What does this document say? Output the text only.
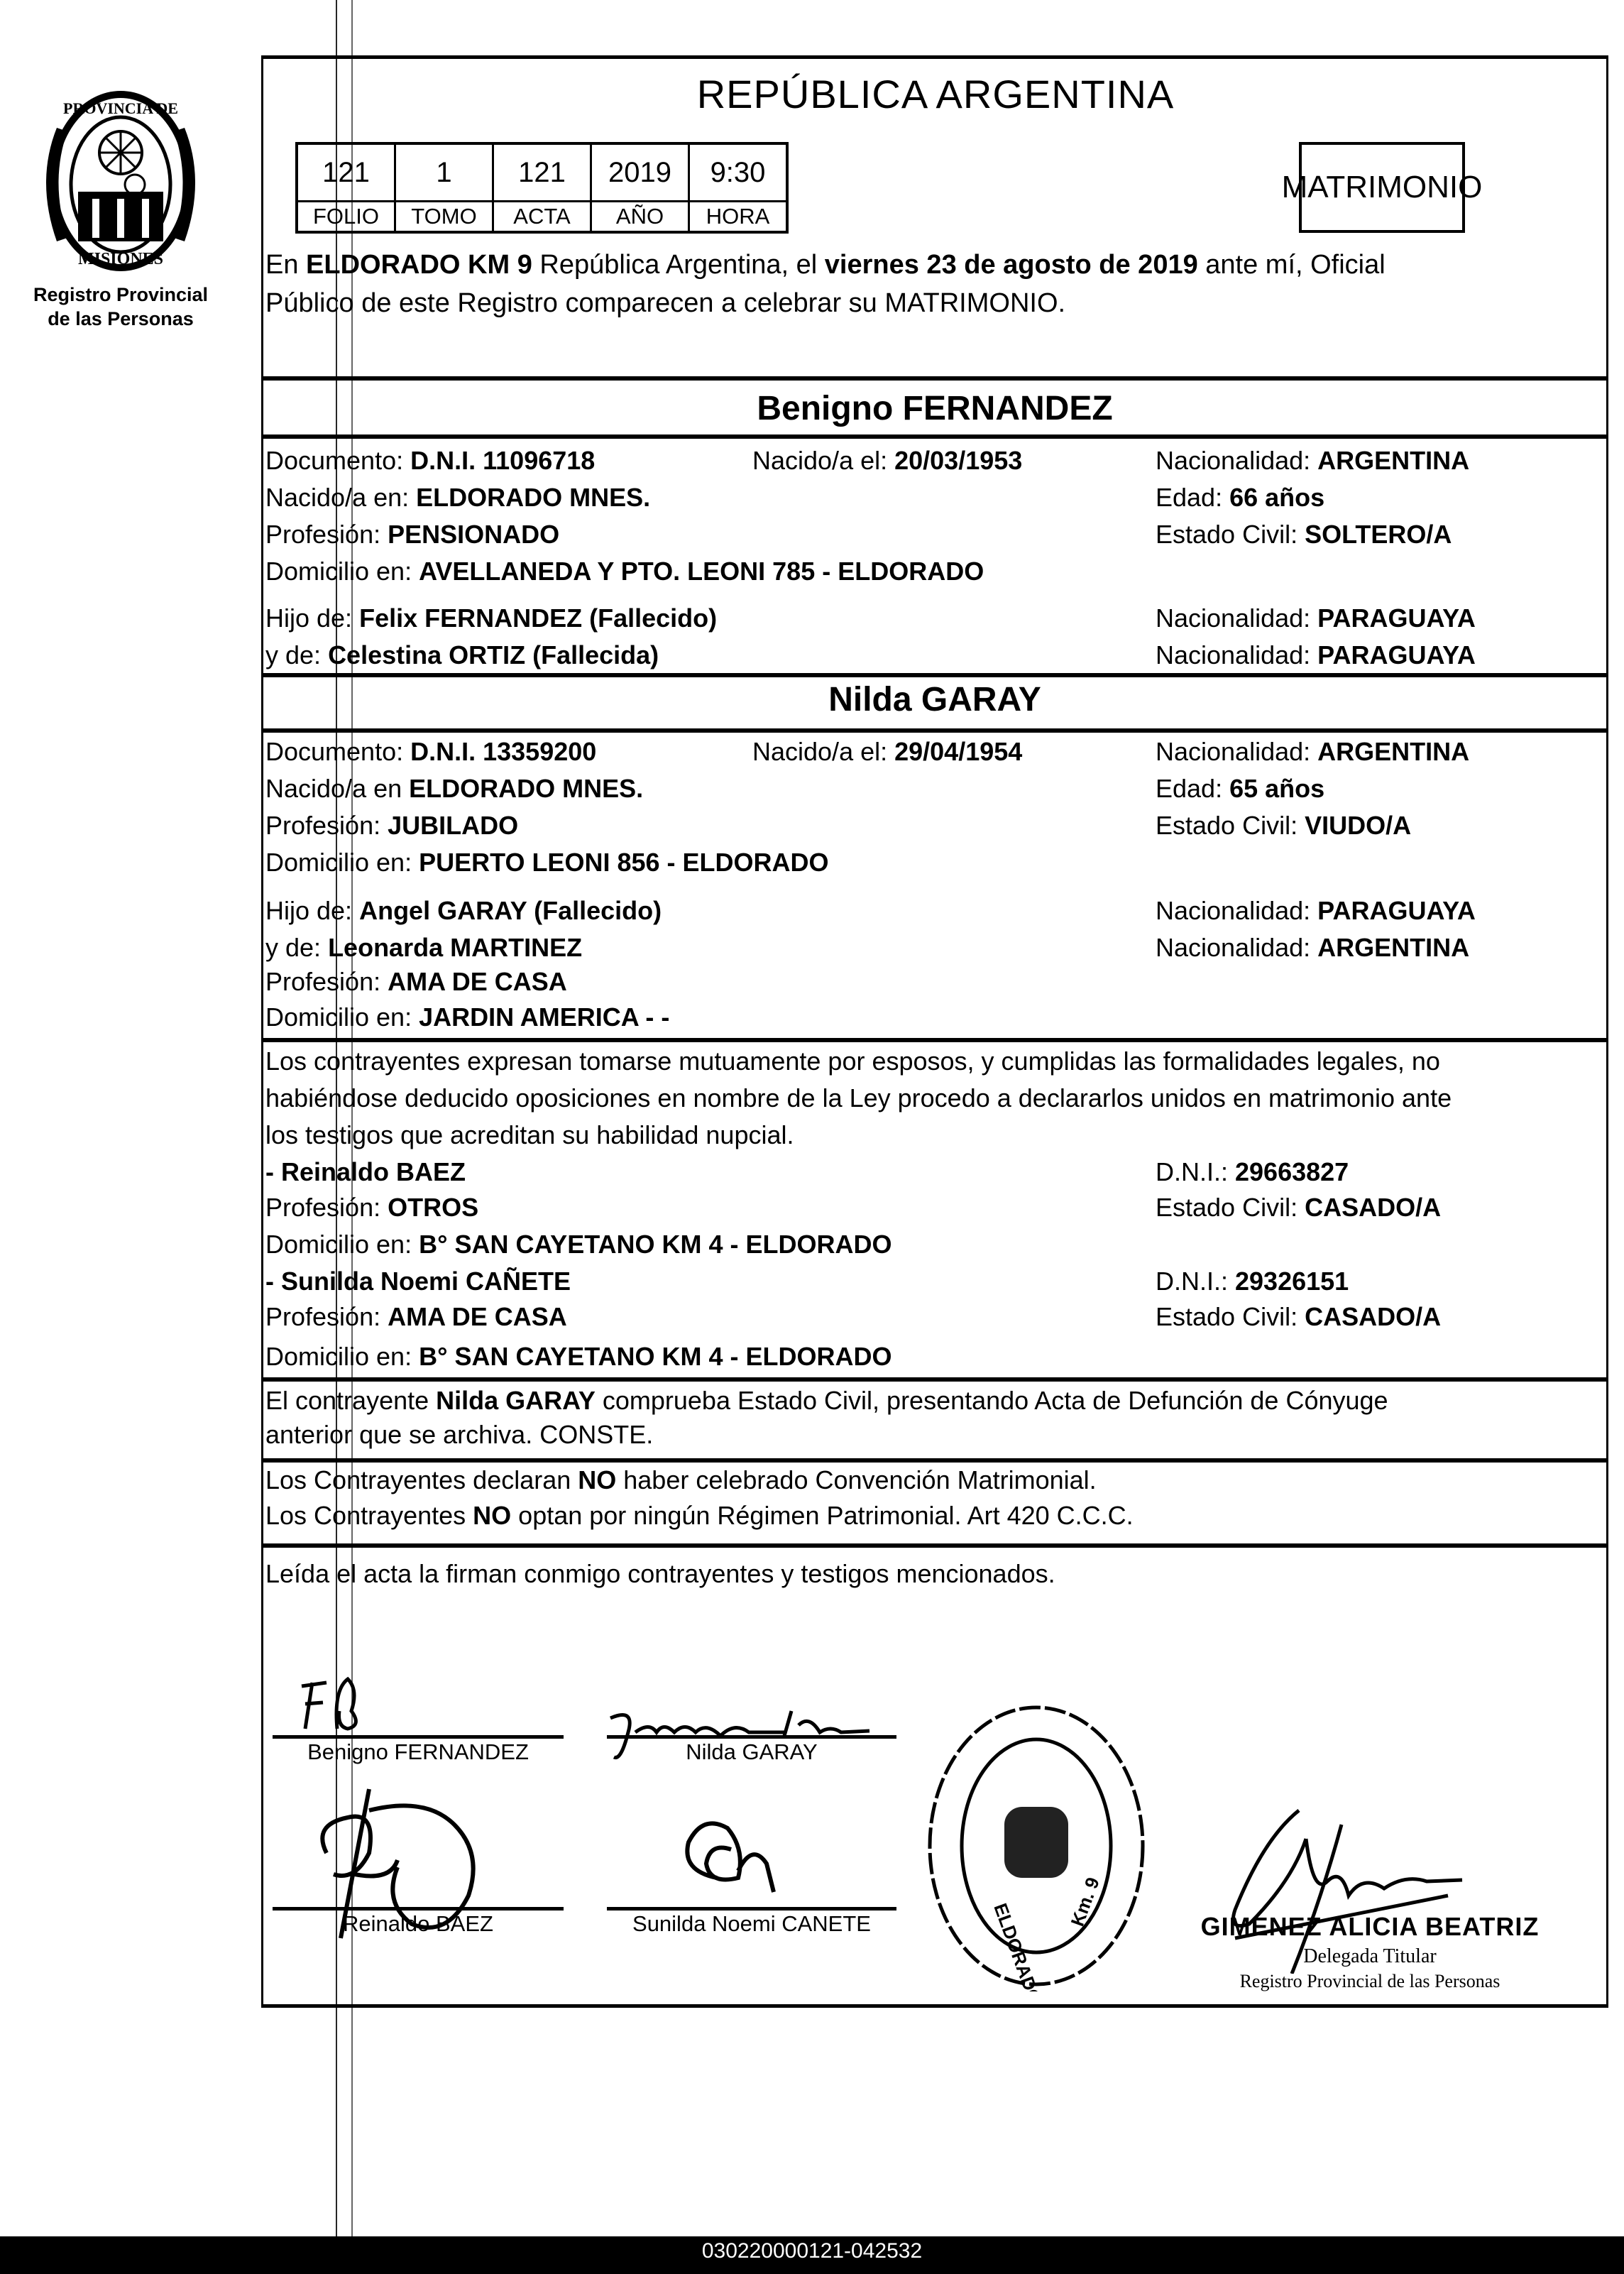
PROVINCIA DE
MISIONES
Registro Provincial
de las Personas
REPÚBLICA ARGENTINA
121	1	121	2019	9:30
FOLIO	TOMO	ACTA	AÑO	HORA
MATRIMONIO
En ELDORADO KM 9 República Argentina, el viernes 23 de agosto de 2019 ante mí, Oficial
Público de este Registro comparecen a celebrar su MATRIMONIO.
Benigno FERNANDEZ
Documento: D.N.I. 11096718	Nacido/a el: 20/03/1953	Nacionalidad: ARGENTINA
Nacido/a en: ELDORADO MNES.	Edad: 66 años
Profesión: PENSIONADO	Estado Civil: SOLTERO/A
Domicilio en: AVELLANEDA Y PTO. LEONI 785 - ELDORADO
Hijo de: Felix FERNANDEZ (Fallecido)	Nacionalidad: PARAGUAYA
y de: Celestina ORTIZ (Fallecida)	Nacionalidad: PARAGUAYA
Nilda GARAY
Documento: D.N.I. 13359200	Nacido/a el: 29/04/1954	Nacionalidad: ARGENTINA
Nacido/a en ELDORADO MNES.	Edad: 65 años
Profesión: JUBILADO	Estado Civil: VIUDO/A
Domicilio en: PUERTO LEONI 856 - ELDORADO
Hijo de: Angel GARAY (Fallecido)	Nacionalidad: PARAGUAYA
y de: Leonarda MARTINEZ	Nacionalidad: ARGENTINA
Profesión: AMA DE CASA
Domicilio en: JARDIN AMERICA - -
Los contrayentes expresan tomarse mutuamente por esposos, y cumplidas las formalidades legales, no
habiéndose deducido oposiciones en nombre de la Ley procedo a declararlos unidos en matrimonio ante
los testigos que acreditan su habilidad nupcial.
- Reinaldo BAEZ	D.N.I.: 29663827
Profesión: OTROS	Estado Civil: CASADO/A
Domicilio en: B° SAN CAYETANO KM 4 - ELDORADO
- Sunilda Noemi CAÑETE	D.N.I.: 29326151
Profesión: AMA DE CASA	Estado Civil: CASADO/A
Domicilio en: B° SAN CAYETANO KM 4 - ELDORADO
El contrayente Nilda GARAY comprueba Estado Civil, presentando Acta de Defunción de Cónyuge
anterior que se archiva. CONSTE.
Los Contrayentes declaran NO haber celebrado Convención Matrimonial.
Los Contrayentes NO optan por ningún Régimen Patrimonial. Art 420 C.C.C.
Leída el acta la firman conmigo contrayentes y testigos mencionados.
Benigno FERNANDEZ	Nilda GARAY
Reinaldo BAEZ	Sunilda Noemi CANETE	ELDORADO Km. 9	GIMENEZ ALICIA BEATRIZ
Delegada Titular
Registro Provincial de las Personas
030220000121-042532
